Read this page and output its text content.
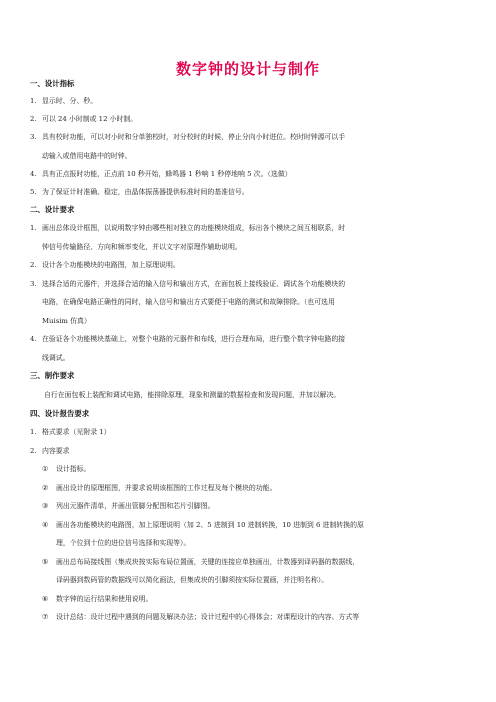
数字钟的设计与制作
一、设计指标
1. 显示时、分、秒。
2. 可以 24 小时制或 12 小时制。
3. 具有校时功能，可以对小时和分单独校时，对分校时的时候，停止分向小时进位。校时时钟源可以手
动输入或借用电路中的时钟。
4. 具有正点报时功能，正点前 10 秒开始，蜂鸣器 1 秒响 1 秒停地响 5 次。（选做）
5. 为了保证计时准确、稳定，由晶体振荡器提供标准时间的基准信号。
二、设计要求
1. 画出总体设计框图，以说明数字钟由哪些相对独立的功能模块组成，标出各个模块之间互相联系，时
钟信号传输路径、方向和频率变化，并以文字对原理作辅助说明。
2. 设计各个功能模块的电路图，加上原理说明。
3. 选择合适的元器件，并选择合适的输入信号和输出方式，在面包板上接线验证、调试各个功能模块的
电路，在确保电路正确性的同时，输入信号和输出方式要便于电路的测试和故障排除。（也可选用
Muisim 仿真）
4. 在验证各个功能模块基础上，对整个电路的元器件和布线，进行合理布局，进行整个数字钟电路的接
线调试。
三、制作要求
自行在面包板上装配和调试电路，能排除原理，现象和测量的数据检查和发现问题，并加以解决。
四、设计报告要求
1. 格式要求（见附录 1）
2. 内容要求
① 设计指标。
② 画出设计的原理框图，并要求说明该框图的工作过程及每个模块的功能。
③ 列出元器件清单，并画出管脚分配图和芯片引脚图。
④ 画出各功能模块的电路图，加上原理说明（加 2、5 进制到 10 进制转换，10 进制到 6 进制转换的原
理，个位到十位的进位信号选择和实现等）。
⑤ 画出总布局接线图（集成块按实际布局位置画，关键的连接应单独画出，计数器到译码器的数据线，
译码器到数码管的数据线可以简化画法，但集成块的引脚须按实际位置画，并注明名称）。
⑥ 数字钟的运行结果和使用说明。
⑦ 设计总结：设计过程中遇到的问题及解决办法；设计过程中的心得体会；对课程设计的内容、方式等
